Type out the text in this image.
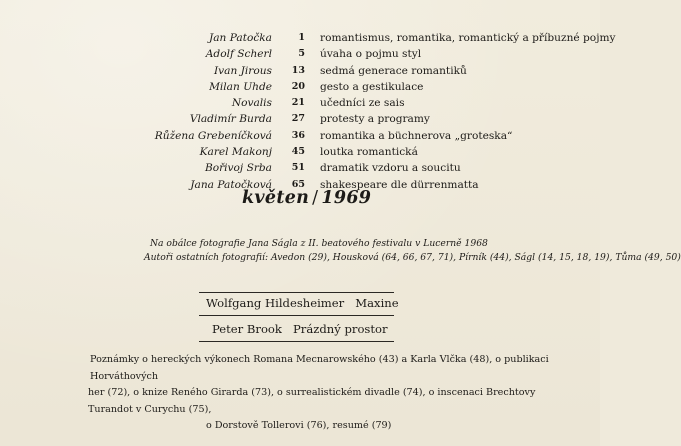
Jan Patočka	1 romantismus, romantika, romantický a příbuzné pojmy
Adolf Scherl	5 úvaha o pojmu styl
Ivan Jirous	13 sedmá generace romantiků
Milan Uhde	20 gesto a gestikulace
Novalis	21 učedníci ze sais
Vladimír Burda	27 protesty a programy
Růžena Grebeníčková	36 romantika a büchnerova „groteska“
Karel Makonj	45 loutka romantická
Bořivoj Srba	51 dramatik vzdoru a soucitu
Jana Patočková	65 shakespeare dle dürrenmatta
květen / 1969
Na obálce fotografie Jana Ságla z II. beatového festivalu v Lucerně 1968
Autoři ostatních fotografií: Avedon (29), Housková (64, 66, 67, 71), Pírník (44), Ságl (14, 15, 18, 19), Tůma (49, 50)
Wolfgang Hildesheimer   Maxine
Peter Brook   Prázdný prostor
Poznámky o hereckých výkonech Romana Mecnarowského (43) a Karla Vlčka (48), o publikaci Horváthových
her (72), o knize Reného Girarda (73), o surrealistickém divadle (74), o inscenaci Brechtovy Turandot v Curychu (75),
o Dorstově Tollerovi (76), resumé (79)
